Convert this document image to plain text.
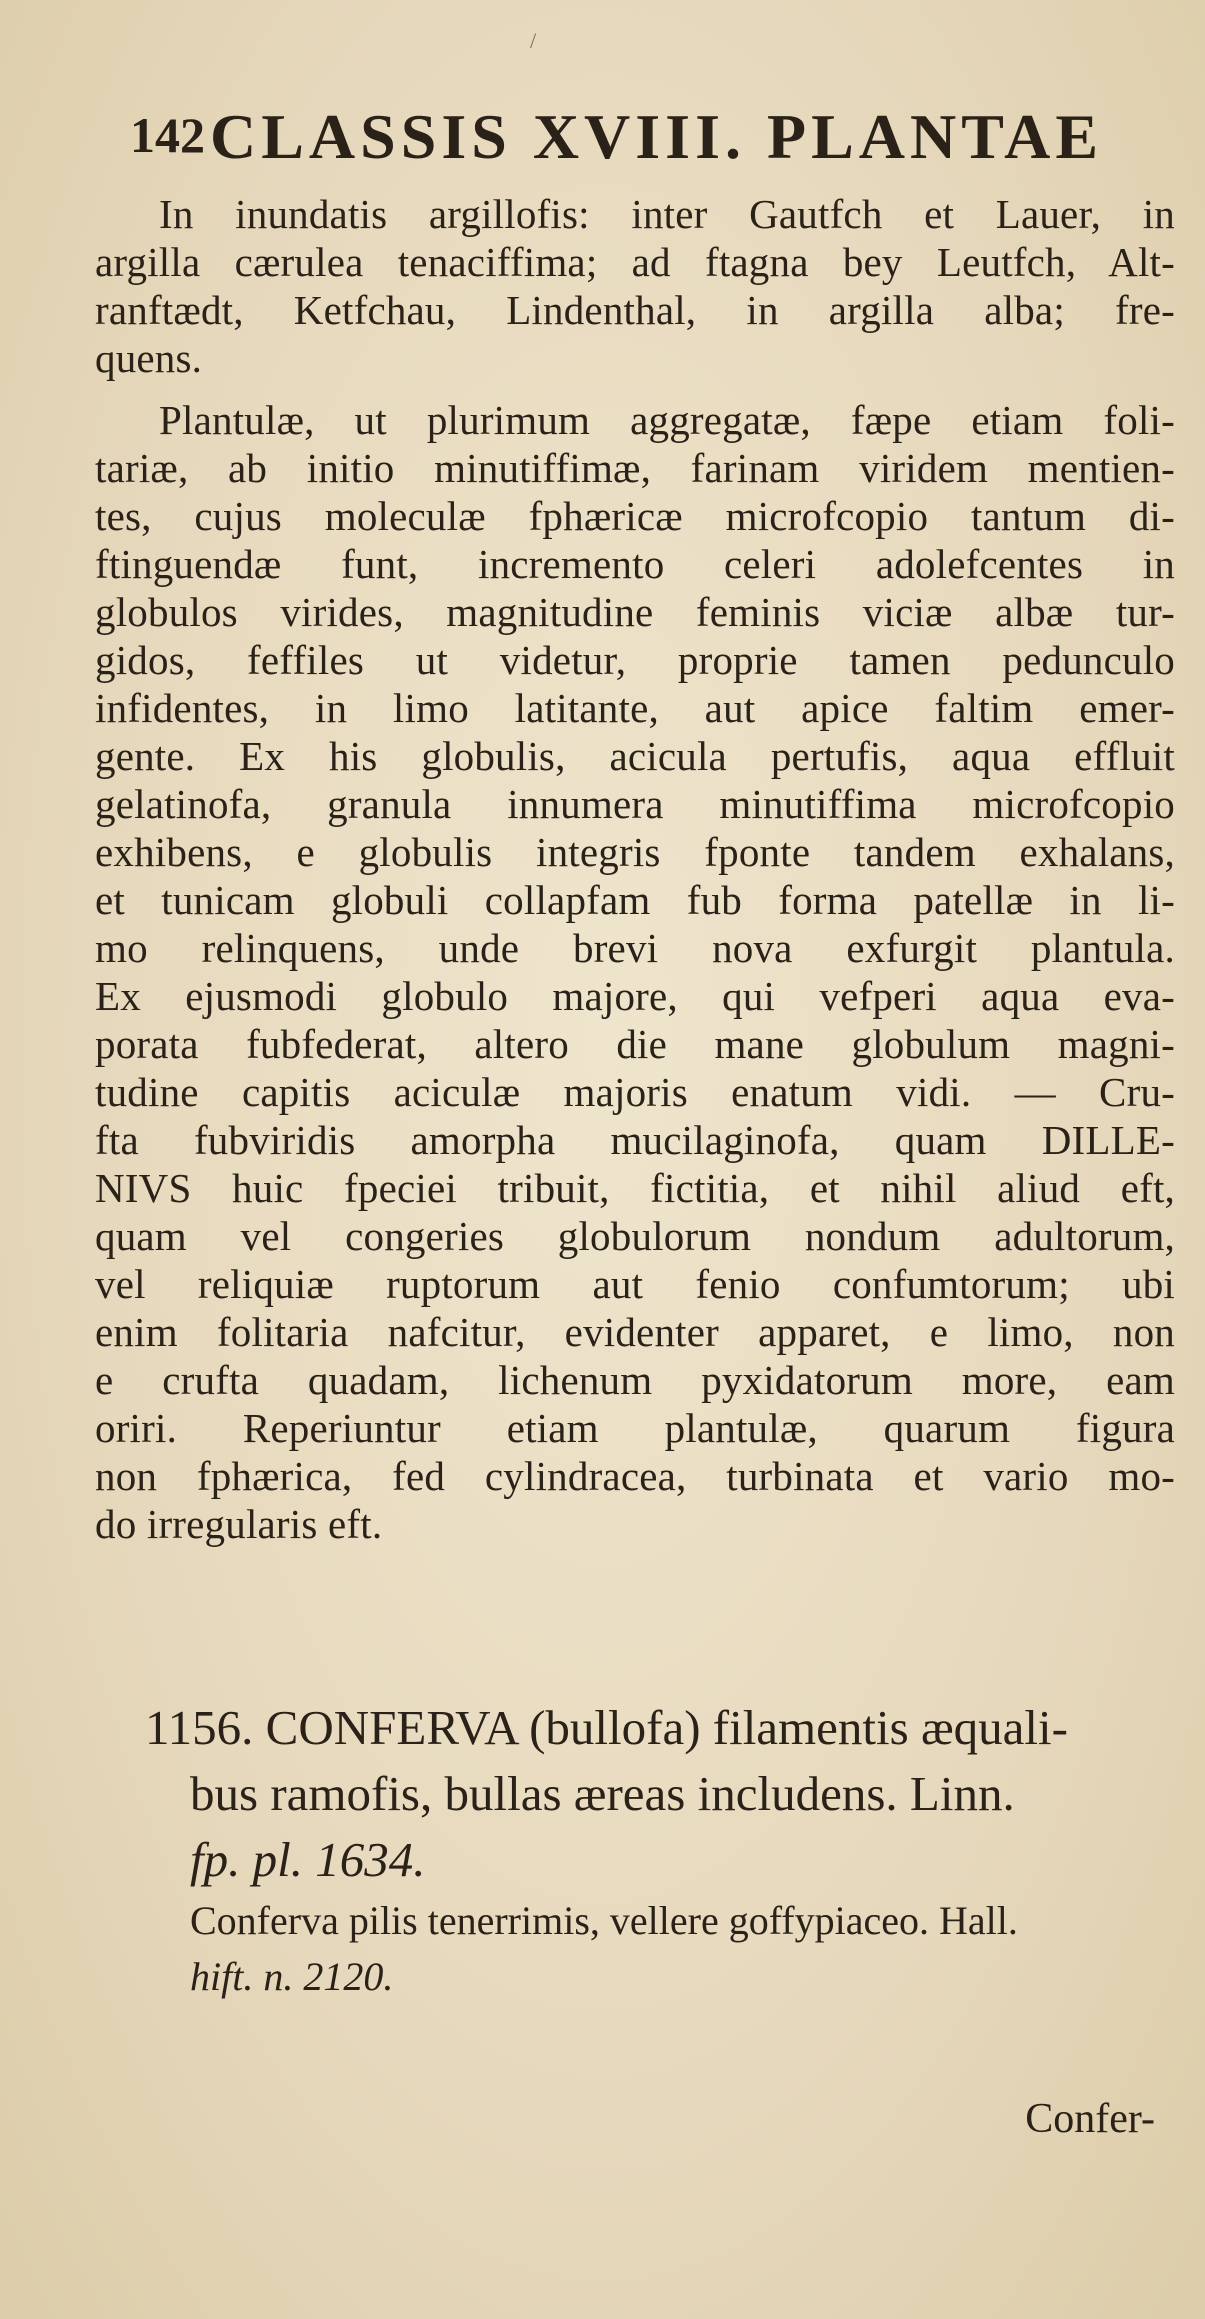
/
142 CLASSIS XVIII. PLANTAE
In inundatis argillofis: inter Gautfch et Lauer, in
argilla cærulea tenaciffima; ad ftagna bey Leutfch, Alt-
ranftædt, Ketfchau, Lindenthal, in argilla alba; fre-
quens.
Plantulæ, ut plurimum aggregatæ, fæpe etiam foli-
tariæ, ab initio minutiffimæ, farinam viridem mentien-
tes, cujus moleculæ fphæricæ microfcopio tantum di-
ftinguendæ funt, incremento celeri adolefcentes in
globulos virides, magnitudine feminis viciæ albæ tur-
gidos, feffiles ut videtur, proprie tamen pedunculo
infidentes, in limo latitante, aut apice faltim emer-
gente. Ex his globulis, acicula pertufis, aqua effluit
gelatinofa, granula innumera minutiffima microfcopio
exhibens, e globulis integris fponte tandem exhalans,
et tunicam globuli collapfam fub forma patellæ in li-
mo relinquens, unde brevi nova exfurgit plantula.
Ex ejusmodi globulo majore, qui vefperi aqua eva-
porata fubfederat, altero die mane globulum magni-
tudine capitis aciculæ majoris enatum vidi. — Cru-
fta fubviridis amorpha mucilaginofa, quam DILLE-
NIVS huic fpeciei tribuit, fictitia, et nihil aliud eft,
quam vel congeries globulorum nondum adultorum,
vel reliquiæ ruptorum aut fenio confumtorum; ubi
enim folitaria nafcitur, evidenter apparet, e limo, non
e crufta quadam, lichenum pyxidatorum more, eam
oriri. Reperiuntur etiam plantulæ, quarum figura
non fphærica, fed cylindracea, turbinata et vario mo-
do irregularis eft.
1156. CONFERVA (bullofa) filamentis æquali-
bus ramofis, bullas æreas includens. Linn.
fp. pl. 1634.
Conferva pilis tenerrimis, vellere goffypiaceo. Hall.
hift. n. 2120.
Confer-
